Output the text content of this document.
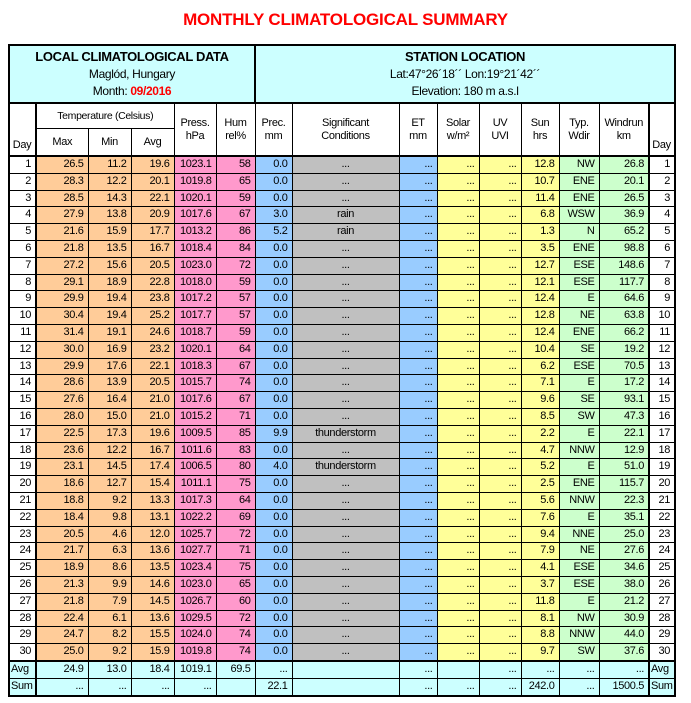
MONTHLY CLIMATOLOGICAL SUMMARY
LOCAL CLIMATOLOGICAL DATA
Maglód, Hungary
Month: 09/2016

STATION LOCATION
Lat:47°26´18´´ Lon:19°21´42´´
Elevation: 180 m a.s.l

Day	Temperature (Celsius)	
Press.
hPa

Hum
rel%

Prec.
mm

Significant
Conditions

ET
mm

Solar
w/m²

UV
UVI

Sun
hrs

Typ.
Wdir

Windrun
km
	Day
	Max	Min	Avg											
1	26.5	11.2	19.6	1023.1	58	0.0	...	...	...	...	12.8	NW	26.8	1
2	28.3	12.2	20.1	1019.8	65	0.0	...	...	...	...	10.7	ENE	20.1	2
3	28.5	14.3	22.1	1020.1	59	0.0	...	...	...	...	11.4	ENE	26.5	3
4	27.9	13.8	20.9	1017.6	67	3.0	rain	...	...	...	6.8	WSW	36.9	4
5	21.6	15.9	17.7	1013.2	86	5.2	rain	...	...	...	1.3	N	65.2	5
6	21.8	13.5	16.7	1018.4	84	0.0	...	...	...	...	3.5	ENE	98.8	6
7	27.2	15.6	20.5	1023.0	72	0.0	...	...	...	...	12.7	ESE	148.6	7
8	29.1	18.9	22.8	1018.0	59	0.0	...	...	...	...	12.1	ESE	117.7	8
9	29.9	19.4	23.8	1017.2	57	0.0	...	...	...	...	12.4	E	64.6	9
10	30.4	19.4	25.2	1017.7	57	0.0	...	...	...	...	12.8	NE	63.8	10
11	31.4	19.1	24.6	1018.7	59	0.0	...	...	...	...	12.4	ENE	66.2	11
12	30.0	16.9	23.2	1020.1	64	0.0	...	...	...	...	10.4	SE	19.2	12
13	29.9	17.6	22.1	1018.3	67	0.0	...	...	...	...	6.2	ESE	70.5	13
14	28.6	13.9	20.5	1015.7	74	0.0	...	...	...	...	7.1	E	17.2	14
15	27.6	16.4	21.0	1017.6	67	0.0	...	...	...	...	9.6	SE	93.1	15
16	28.0	15.0	21.0	1015.2	71	0.0	...	...	...	...	8.5	SW	47.3	16
17	22.5	17.3	19.6	1009.5	85	9.9	thunderstorm	...	...	...	2.2	E	22.1	17
18	23.6	12.2	16.7	1011.6	83	0.0	...	...	...	...	4.7	NNW	12.9	18
19	23.1	14.5	17.4	1006.5	80	4.0	thunderstorm	...	...	...	5.2	E	51.0	19
20	18.6	12.7	15.4	1011.1	75	0.0	...	...	...	...	2.5	ENE	115.7	20
21	18.8	9.2	13.3	1017.3	64	0.0	...	...	...	...	5.6	NNW	22.3	21
22	18.4	9.8	13.1	1022.2	69	0.0	...	...	...	...	7.6	E	35.1	22
23	20.5	4.6	12.0	1025.7	72	0.0	...	...	...	...	9.4	NNE	25.0	23
24	21.7	6.3	13.6	1027.7	71	0.0	...	...	...	...	7.9	NE	27.6	24
25	18.9	8.6	13.5	1023.4	75	0.0	...	...	...	...	4.1	ESE	34.6	25
26	21.3	9.9	14.6	1023.0	65	0.0	...	...	...	...	3.7	ESE	38.0	26
27	21.8	7.9	14.5	1026.7	60	0.0	...	...	...	...	11.8	E	21.2	27
28	22.4	6.1	13.6	1029.5	72	0.0	...	...	...	...	8.1	NW	30.9	28
29	24.7	8.2	15.5	1024.0	74	0.0	...	...	...	...	8.8	NNW	44.0	29
30	25.0	9.2	15.9	1019.8	74	0.0	...	...	...	...	9.7	SW	37.6	30
Avg	24.9	13.0	18.4	1019.1	69.5	...		...		...	...	...	...	Avg
Sum	...	...	...	...		22.1		...	...	...	242.0	...	1500.5	Sum
